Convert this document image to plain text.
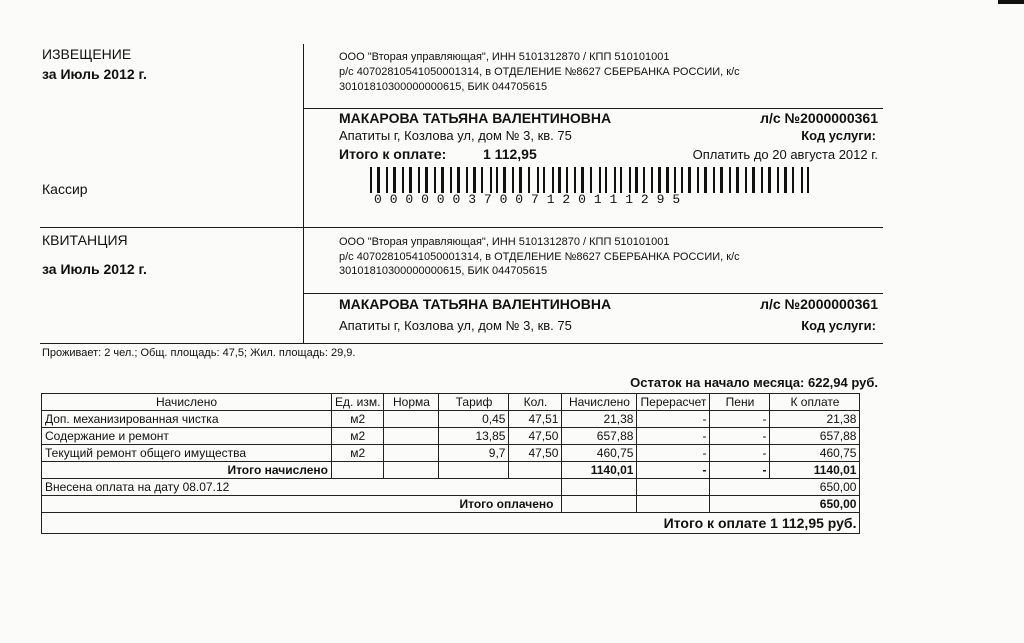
ИЗВЕЩЕНИЕ
за Июль 2012 г.
Кассир
ООО "Вторая управляющая", ИНН 5101312870 / КПП 510101001
р/с 40702810541050001314, в ОТДЕЛЕНИЕ №8627 СБЕРБАНКА РОССИИ, к/с
30101810300000000615, БИК 044705615
МАКАРОВА ТАТЬЯНА ВАЛЕНТИНОВНА	л/с №2000000361
Апатиты г, Козлова ул, дом № 3, кв. 75	Код услуги:
Итого к оплате:	1 112,95	Оплатить до 20 августа 2012 г.
00000037007120111295
КВИТАНЦИЯ
за Июль 2012 г.
ООО "Вторая управляющая", ИНН 5101312870 / КПП 510101001
р/с 40702810541050001314, в ОТДЕЛЕНИЕ №8627 СБЕРБАНКА РОССИИ, к/с
30101810300000000615, БИК 044705615
МАКАРОВА ТАТЬЯНА ВАЛЕНТИНОВНА	л/с №2000000361
Апатиты г, Козлова ул, дом № 3, кв. 75	Код услуги:
Проживает: 2 чел.; Общ. площадь: 47,5; Жил. площадь: 29,9.
Остаток на начало месяца: 622,94 руб.
Начислено	Ед. изм.	Норма	Тариф	Кол.	Начислено	Перерасчет	Пени	К оплате
Доп. механизированная чистка	м2		0,45	47,51	21,38	-	-	21,38
Содержание и ремонт	м2		13,85	47,50	657,88	-	-	657,88
Текущий ремонт общего имущества	м2		9,7	47,50	460,75	-	-	460,75
Итого начислено					1140,01	-	-	1140,01
Внесена оплата на дату 08.07.12							650,00	
Итого оплачено							650,00	
Итого к оплате 1 112,95 руб.								
